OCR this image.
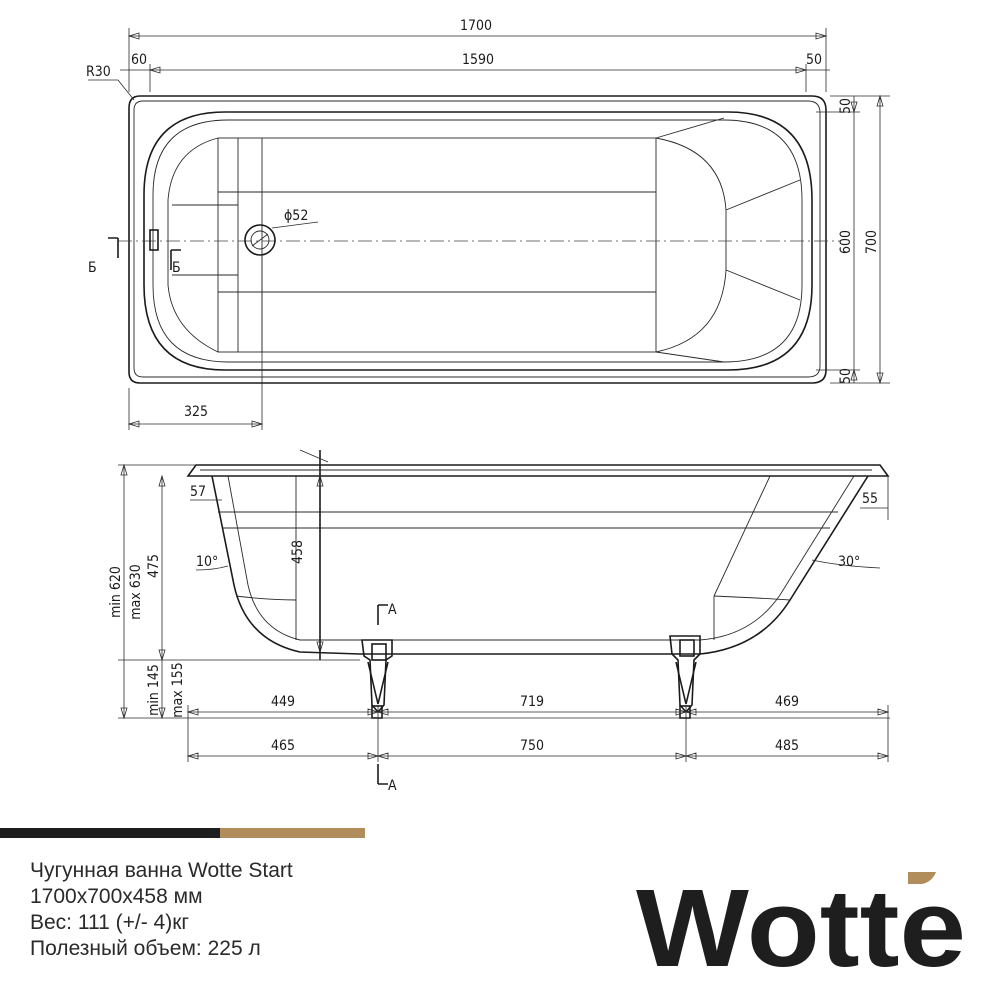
1700
60	1590	50
R30
ϕ52
600 700
50
50
325
Б	Б
57	55
10°	30°
458
475
min 620 max 630
min 145 max 155
A
A
449	719	469
465	750	485
Чугунная ванна Wotte Start
1700x700x458 мм
Вес: 111 (+/- 4)кг
Полезный объем: 225 л	Wotte
